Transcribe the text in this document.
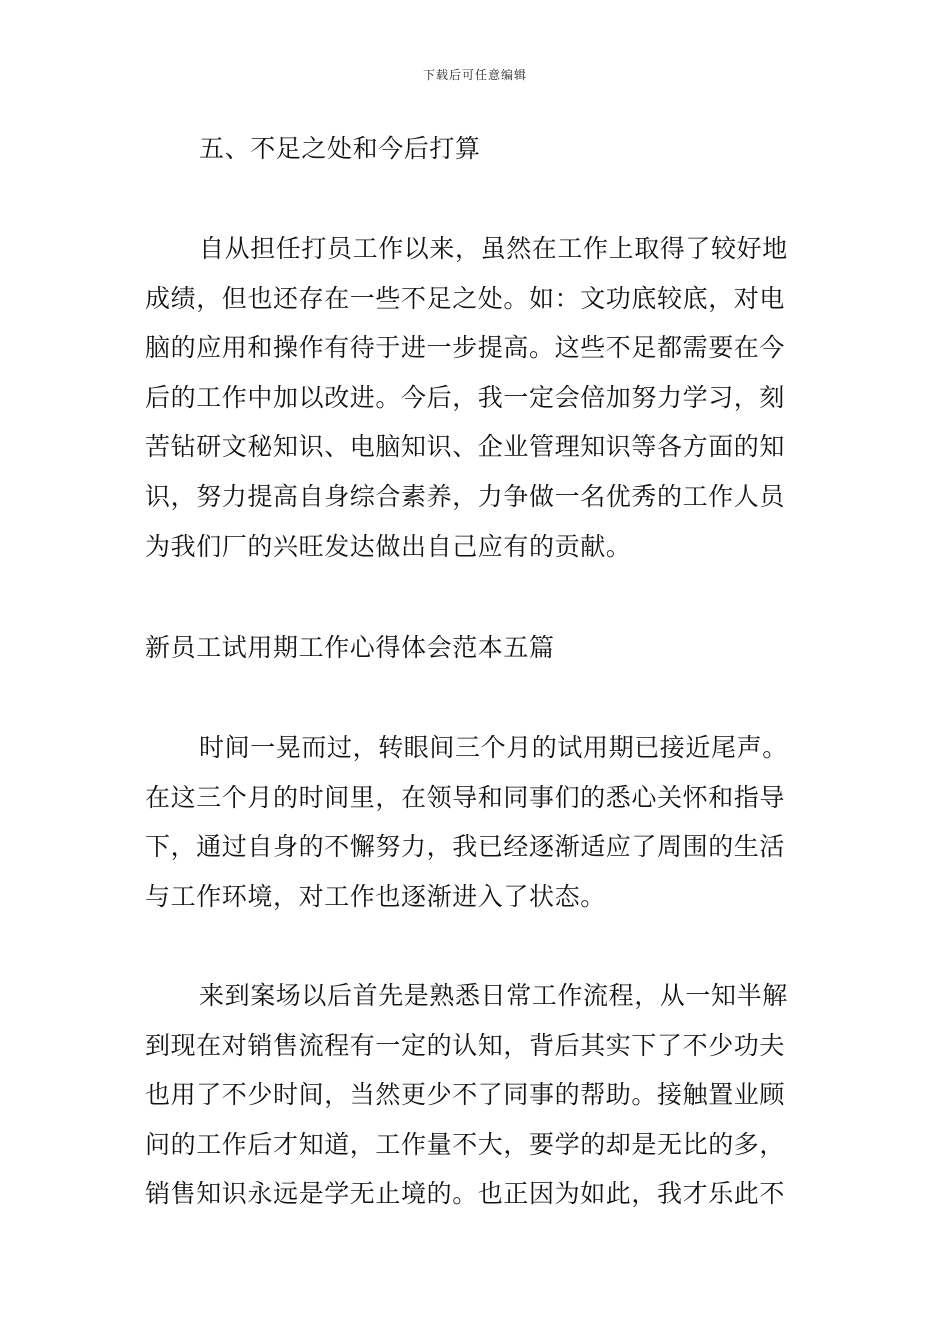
下载后可任意编辑
五、不足之处和今后打算
自从担任打员工作以来，虽然在工作上取得了较好地
成绩，但也还存在一些不足之处。如：文功底较底，对电
脑的应用和操作有待于进一步提高。这些不足都需要在今
后的工作中加以改进。今后，我一定会倍加努力学习，刻
苦钻研文秘知识、电脑知识、企业管理知识等各方面的知
识，努力提高自身综合素养，力争做一名优秀的工作人员
为我们厂的兴旺发达做出自己应有的贡献。
新员工试用期工作心得体会范本五篇
时间一晃而过，转眼间三个月的试用期已接近尾声。
在这三个月的时间里，在领导和同事们的悉心关怀和指导
下，通过自身的不懈努力，我已经逐渐适应了周围的生活
与工作环境，对工作也逐渐进入了状态。
来到案场以后首先是熟悉日常工作流程，从一知半解
到现在对销售流程有一定的认知，背后其实下了不少功夫
也用了不少时间，当然更少不了同事的帮助。接触置业顾
问的工作后才知道，工作量不大，要学的却是无比的多，
销售知识永远是学无止境的。也正因为如此，我才乐此不
